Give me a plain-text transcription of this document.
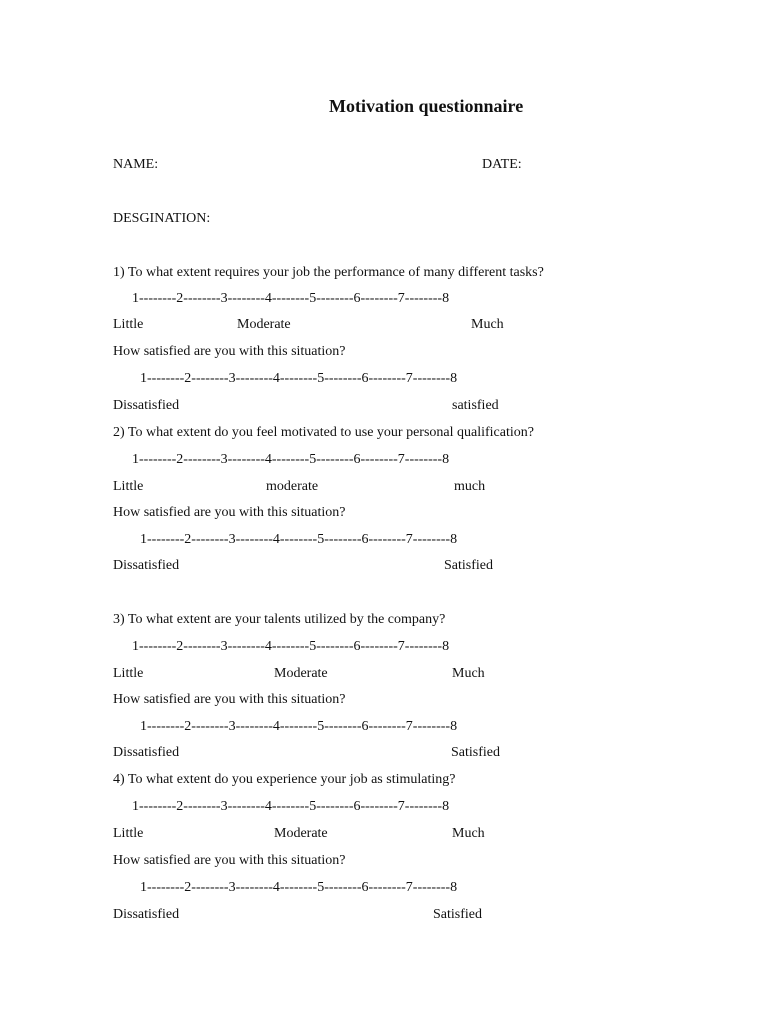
Motivation questionnaire
NAME:	DATE:
DESGINATION:
1) To what extent requires your job the performance of many different tasks?
1--------2--------3--------4--------5--------6--------7--------8
Little	Moderate	Much
How satisfied are you with this situation?
1--------2--------3--------4--------5--------6--------7--------8
Dissatisfied	satisfied
2) To what extent do you feel motivated to use your personal qualification?
1--------2--------3--------4--------5--------6--------7--------8
Little	moderate	much
How satisfied are you with this situation?
1--------2--------3--------4--------5--------6--------7--------8
Dissatisfied	Satisfied
3) To what extent are your talents utilized by the company?
1--------2--------3--------4--------5--------6--------7--------8
Little	Moderate	Much
How satisfied are you with this situation?
1--------2--------3--------4--------5--------6--------7--------8
Dissatisfied	Satisfied
4) To what extent do you experience your job as stimulating?
1--------2--------3--------4--------5--------6--------7--------8
Little	Moderate	Much
How satisfied are you with this situation?
1--------2--------3--------4--------5--------6--------7--------8
Dissatisfied	Satisfied
